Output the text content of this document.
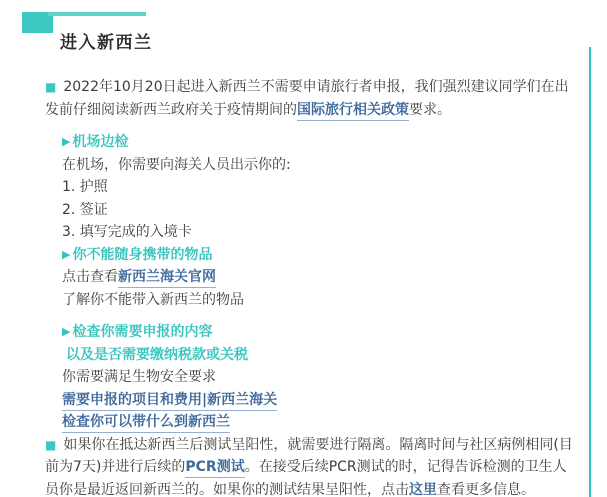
进入新西兰

■ 2022年10月20日起进入新西兰不需要申请旅行者申报，我们强烈建议同学们在出发前仔细阅读新西兰政府关于疫情期间的国际旅行相关政策要求。

▶ 机场边检

在机场，你需要向海关人员出示你的:

1. 护照

2. 签证

3. 填写完成的入境卡

▶ 你不能随身携带的物品

点击查看新西兰海关官网

了解你不能带入新西兰的物品

▶ 检查你需要申报的内容
以及是否需要缴纳税款或关税

你需要满足生物安全要求

需要申报的项目和费用|新西兰海关

检查你可以带什么到新西兰

■ 如果你在抵达新西兰后测试呈阳性，就需要进行隔离。隔离时间与社区病例相同(目前为7天)并进行后续的PCR测试。在接受后续PCR测试的时，记得告诉检测的卫生人员你是最近返回新西兰的。如果你的测试结果呈阳性，点击这里查看更多信息。
